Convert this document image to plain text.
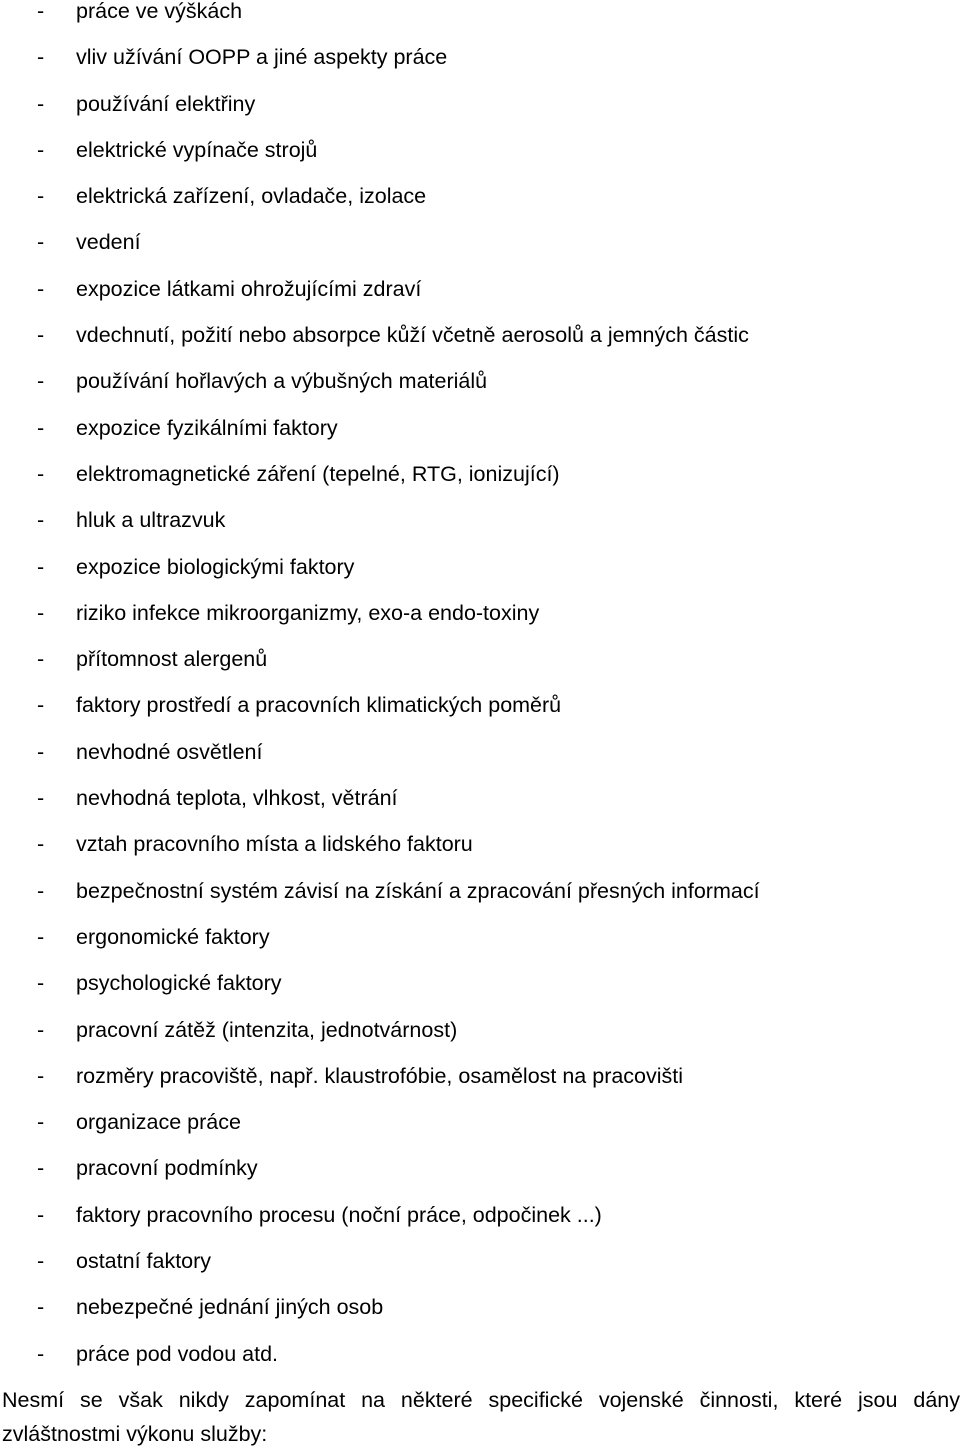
- práce ve výškách
- vliv užívání OOPP a jiné aspekty práce
- používání elektřiny
- elektrické vypínače strojů
- elektrická zařízení, ovladače, izolace
- vedení
- expozice látkami ohrožujícími zdraví
- vdechnutí, požití nebo absorpce kůží včetně aerosolů a jemných částic
- používání hořlavých a výbušných materiálů
- expozice fyzikálními faktory
- elektromagnetické záření (tepelné, RTG, ionizující)
- hluk a ultrazvuk
- expozice biologickými faktory
- riziko infekce mikroorganizmy, exo-a endo-toxiny
- přítomnost alergenů
- faktory prostředí a pracovních klimatických poměrů
- nevhodné osvětlení
- nevhodná teplota, vlhkost, větrání
- vztah pracovního místa a lidského faktoru
- bezpečnostní systém závisí na získání a zpracování přesných informací
- ergonomické faktory
- psychologické faktory
- pracovní zátěž (intenzita, jednotvárnost)
- rozměry pracoviště, např. klaustrofóbie, osamělost na pracovišti
- organizace práce
- pracovní podmínky
- faktory pracovního procesu (noční práce, odpočinek ...)
- ostatní faktory
- nebezpečné jednání jiných osob
- práce pod vodou atd.

Nesmí se však nikdy zapomínat na některé specifické vojenské činnosti, které jsou dány zvláštnostmi výkonu služby:
